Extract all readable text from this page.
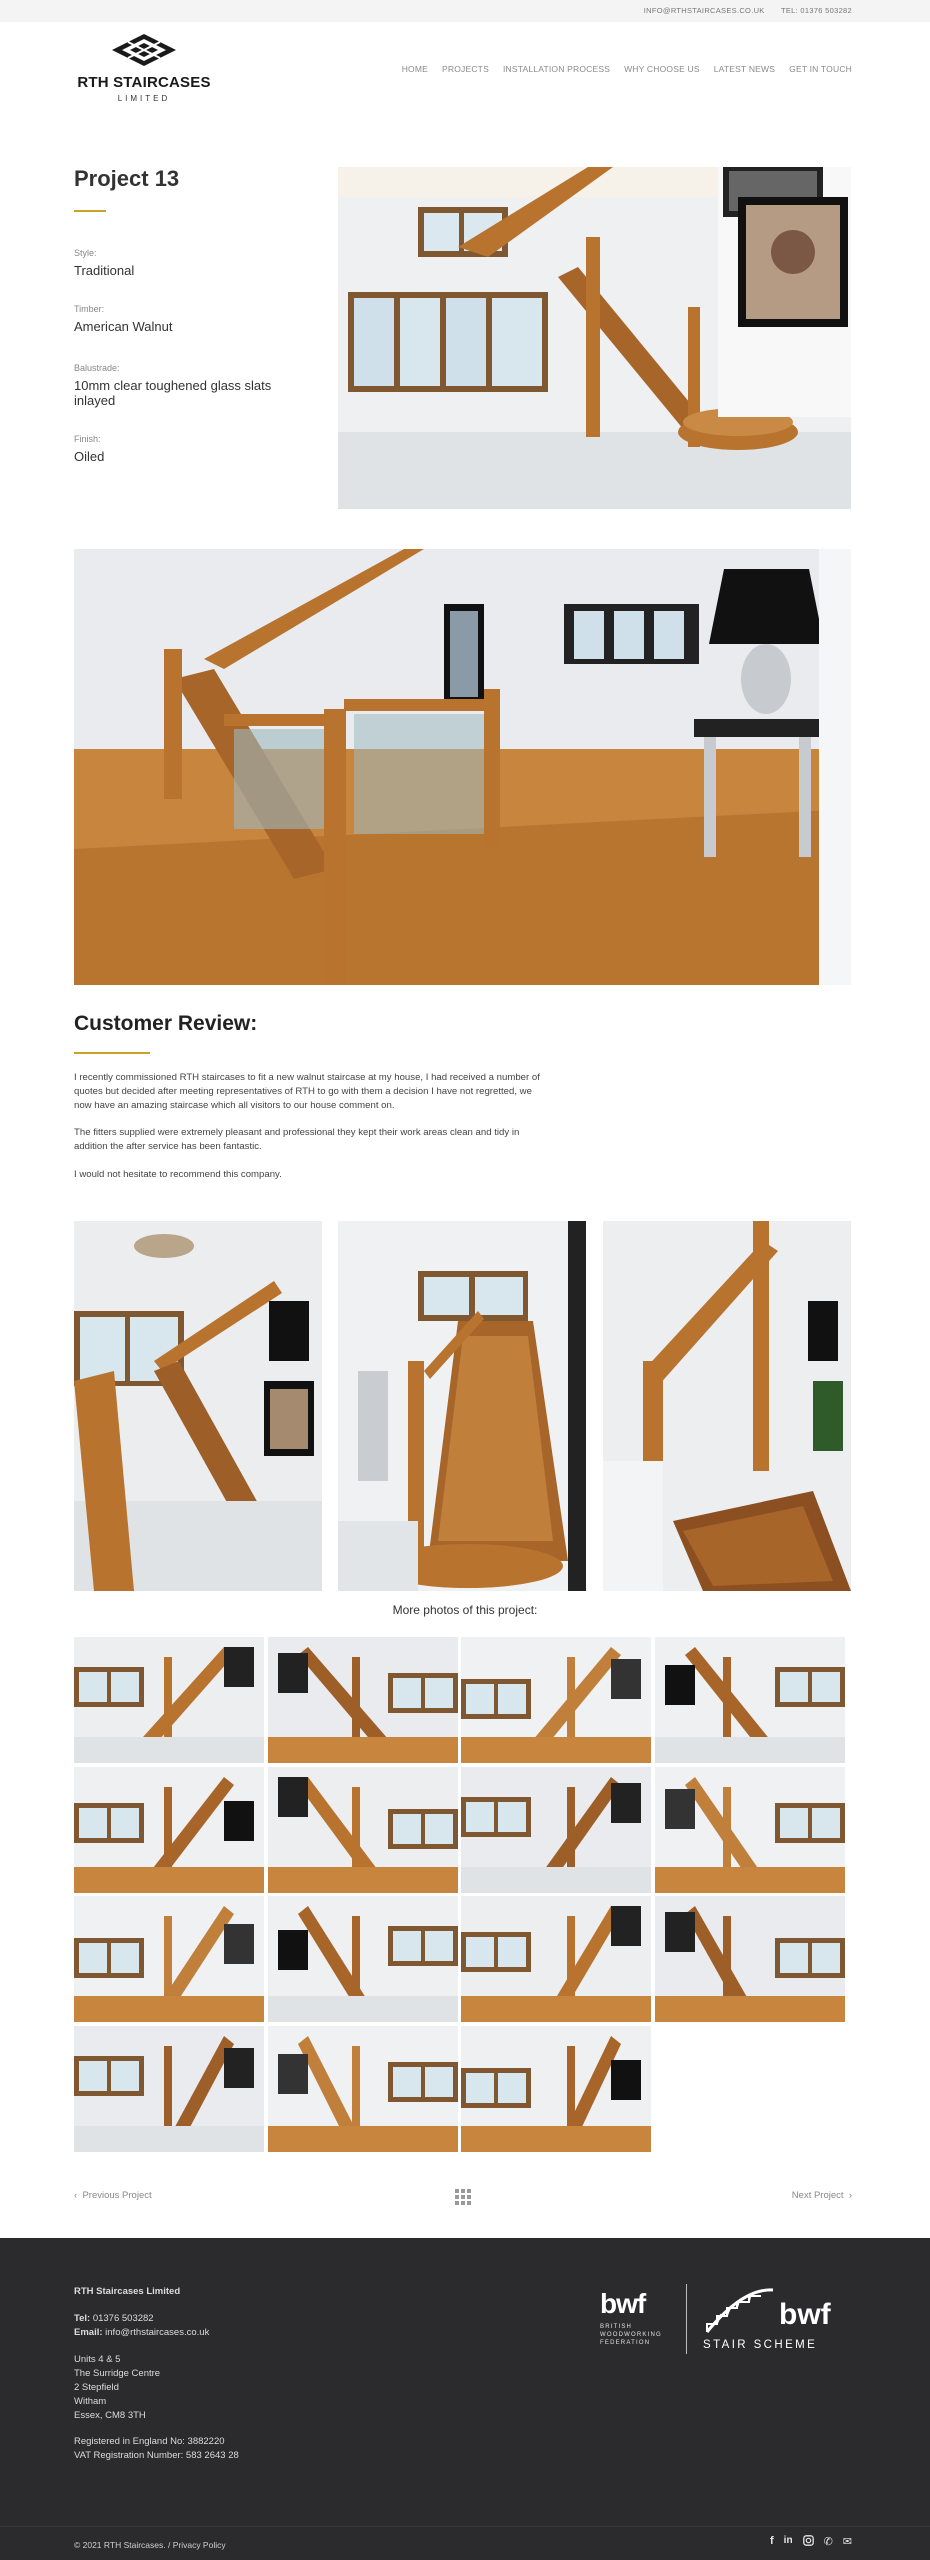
INFO@RTHSTAIRCASES.CO.UK TEL: 01376 503282
RTH STAIRCASES
LIMITED
HOME PROJECTS INSTALLATION PROCESS WHY CHOOSE US LATEST NEWS GET IN TOUCH
Project 13
Style:
Traditional
Timber:
American Walnut
Balustrade:
10mm clear toughened glass slats inlayed
Finish:
Oiled
Customer Review:

I recently commissioned RTH staircases to fit a new walnut staircase at my house, I had received a number of quotes but decided after meeting representatives of RTH to go with them a decision I have not regretted, we now have an amazing staircase which all visitors to our house comment on.

The fitters supplied were extremely pleasant and professional they kept their work areas clean and tidy in addition the after service has been fantastic.

I would not hesitate to recommend this company.

More photos of this project:
‹ Previous Project	Next Project ›
RTH Staircases Limited
Tel: 01376 503282
Email: info@rthstaircases.co.uk
Units 4 & 5
The Surridge Centre
2 Stepfield
Witham
Essex, CM8 3TH
Registered in England No: 3882220
VAT Registration Number: 583 2643 28
bwf
BRITISH WOODWORKING FEDERATION
bwf
STAIR SCHEME
© 2021 RTH Staircases. / Privacy Policy	f in	✆ ✉
